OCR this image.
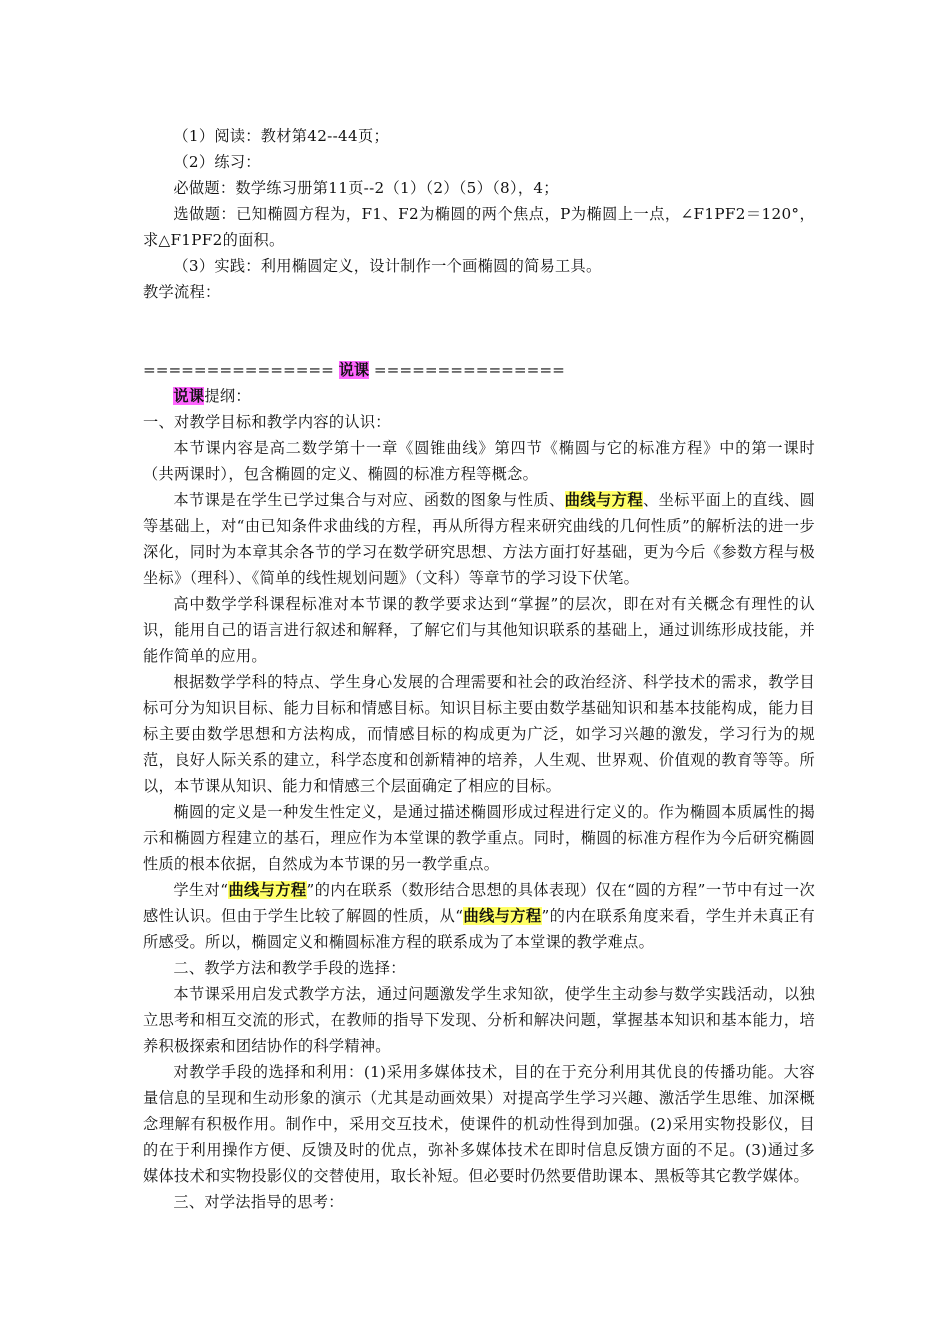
（1）阅读：教材第42--44页；

（2）练习：

必做题：数学练习册第11页--2（1）（2）（5）（8），4；

选做题：已知椭圆方程为，F1、F2为椭圆的两个焦点，P为椭圆上一点，∠F1PF2＝120°，求△F1PF2的面积。

（3）实践：利用椭圆定义，设计制作一个画椭圆的简易工具。

教学流程：

=============== 说课 ===============

说课提纲：

一、对教学目标和教学内容的认识：

本节课内容是高二数学第十一章《圆锥曲线》第四节《椭圆与它的标准方程》中的第一课时（共两课时），包含椭圆的定义、椭圆的标准方程等概念。

本节课是在学生已学过集合与对应、函数的图象与性质、曲线与方程、坐标平面上的直线、圆等基础上，对“由已知条件求曲线的方程，再从所得方程来研究曲线的几何性质”的解析法的进一步深化，同时为本章其余各节的学习在数学研究思想、方法方面打好基础，更为今后《参数方程与极坐标》（理科）、《简单的线性规划问题》（文科）等章节的学习设下伏笔。

高中数学学科课程标准对本节课的教学要求达到“掌握”的层次，即在对有关概念有理性的认识，能用自己的语言进行叙述和解释，了解它们与其他知识联系的基础上，通过训练形成技能，并能作简单的应用。

根据数学学科的特点、学生身心发展的合理需要和社会的政治经济、科学技术的需求，教学目标可分为知识目标、能力目标和情感目标。知识目标主要由数学基础知识和基本技能构成，能力目标主要由数学思想和方法构成，而情感目标的构成更为广泛，如学习兴趣的激发，学习行为的规范，良好人际关系的建立，科学态度和创新精神的培养，人生观、世界观、价值观的教育等等。所以，本节课从知识、能力和情感三个层面确定了相应的目标。

椭圆的定义是一种发生性定义，是通过描述椭圆形成过程进行定义的。作为椭圆本质属性的揭示和椭圆方程建立的基石，理应作为本堂课的教学重点。同时，椭圆的标准方程作为今后研究椭圆性质的根本依据，自然成为本节课的另一教学重点。

学生对“曲线与方程”的内在联系（数形结合思想的具体表现）仅在“圆的方程”一节中有过一次感性认识。但由于学生比较了解圆的性质，从“曲线与方程”的内在联系角度来看，学生并未真正有所感受。所以，椭圆定义和椭圆标准方程的联系成为了本堂课的教学难点。

二、教学方法和教学手段的选择：

本节课采用启发式教学方法，通过问题激发学生求知欲，使学生主动参与数学实践活动，以独立思考和相互交流的形式，在教师的指导下发现、分析和解决问题，掌握基本知识和基本能力，培养积极探索和团结协作的科学精神。

对教学手段的选择和利用：(1)采用多媒体技术，目的在于充分利用其优良的传播功能。大容量信息的呈现和生动形象的演示（尤其是动画效果）对提高学生学习兴趣、激活学生思维、加深概念理解有积极作用。制作中，采用交互技术，使课件的机动性得到加强。(2)采用实物投影仪，目的在于利用操作方便、反馈及时的优点，弥补多媒体技术在即时信息反馈方面的不足。(3)通过多媒体技术和实物投影仪的交替使用，取长补短。但必要时仍然要借助课本、黑板等其它教学媒体。

三、对学法指导的思考：
